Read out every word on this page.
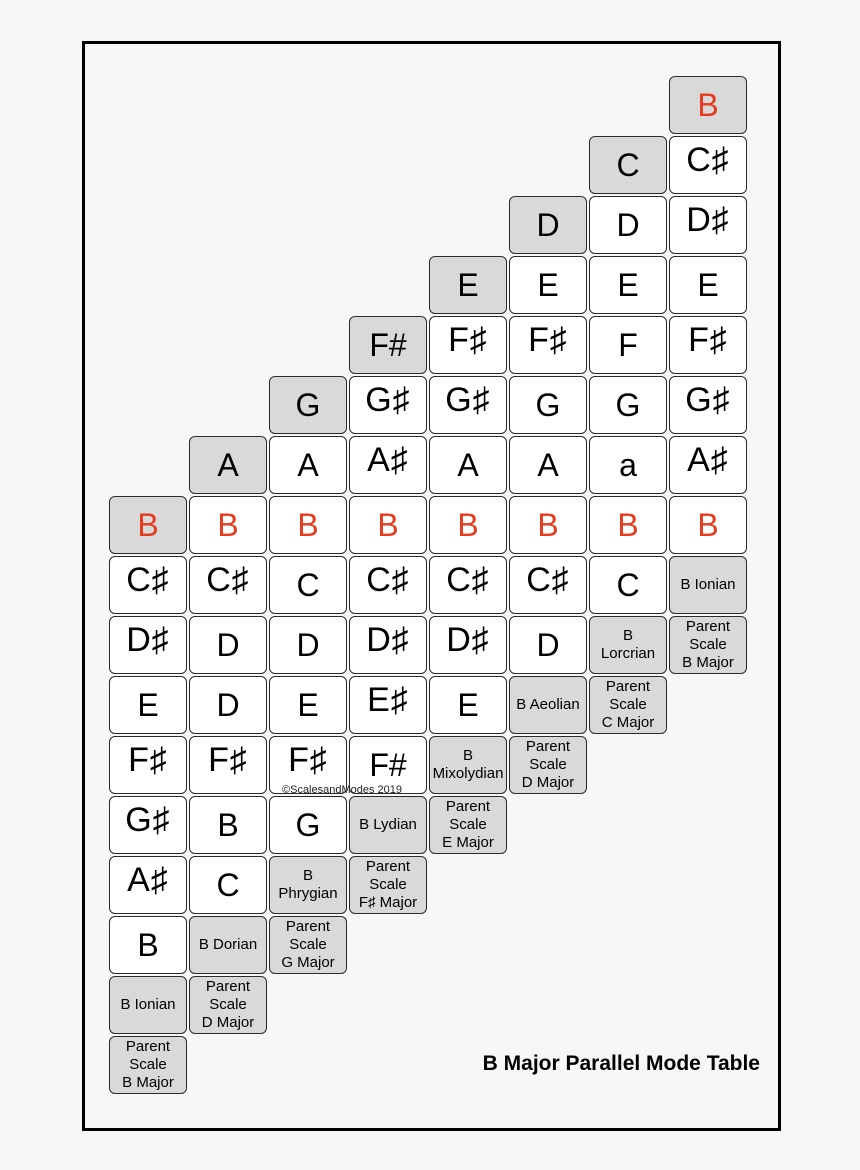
B
C♯
D♯
E
F♯
G♯
A♯
B
B Ionian
Parent
Scale
B Major
A
B
C♯
D
D
F♯
B
C
B Dorian
Parent
Scale
D Major
G
A
B
C
D
E
F♯
G
B
Phrygian
Parent
Scale
G Major
F#
G♯
A♯
B
C♯
D♯
E♯
F#
B Lydian
Parent
Scale
F♯ Major
E
F♯
G♯
A
B
C♯
D♯
E
B
Mixolydian
Parent
Scale
E Major
D
E
F♯
G
A
B
C♯
D
B Aeolian
Parent
Scale
D Major
C
D
E
F
G
a
B
C
B
Lorcrian
Parent
Scale
C Major
B
C♯
D♯
E
F♯
G♯
A♯
B
B Ionian
Parent
Scale
B Major
©ScalesandModes 2019
B Major Parallel Mode Table
